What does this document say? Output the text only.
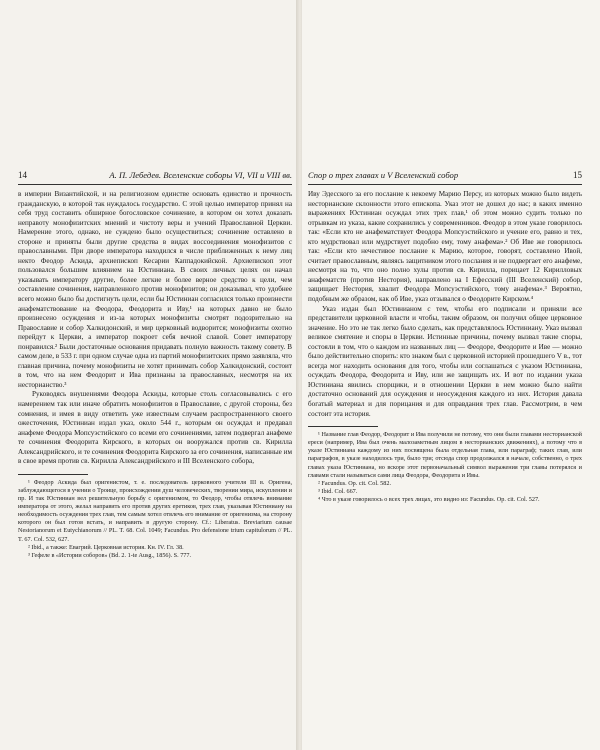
14	А. П. Лебедев. Вселенские соборы VI, VII и VIII вв.

в империи Византийской, и на религиозном единстве основать единство и прочность гражданскую, в которой так нуждалось государство. С этой целью император принял на себя труд составить обширное богословское сочинение, в котором он хотел доказать неправоту монофизитских мнений и чистоту веры и учений Православной Церкви. Намерение этого, однако, не суждено было осуществиться; сочинение оставлено в стороне и приняты были другие средства в видах воссоединения монофизитов с православными. При дворе императора находился в числе приближенных к нему лиц некто Феодор Аскида, архиепископ Кесарии Каппадокийской. Архиепископ этот пользовался большим влиянием на Юстиниана. В своих личных целях он начал указывать императору другие, более легкие и более верное средство к цели, чем составление сочинения, направленного против монофизитов; он доказывал, что удобнее всего можно было бы достигнуть цели, если бы Юстиниан согласился только произнести анафематствование на Феодора, Феодорита и Иву,¹ на которых давно не было произнесено осуждения и из-за которых монофизиты смотрят подозрительно на Православие и собор Халкидонский, и мир церковный водворится; монофизиты охотно перейдут к Церкви, а император покроет себя вечной славой. Совет императору понравился.² Были достаточные основания придавать полную важность такому совету. В самом деле, в 533 г. при одном случае одна из партий монофизитских прямо заявляла, что главная причина, почему монофизиты не хотят принимать собор Халкидонский, состоит в том, что на нем Феодорит и Ива признаны за православных, несмотря на их несторианство.³

Руководясь внушениями Феодора Аскиды, которые столь согласовывались с его намерением так или иначе обратить монофизитов в Православие, с другой стороны, без сомнения, и имея в виду ответить уже известным случаем распространенного своего ожесточения, Юстиниан издал указ, около 544 г., которым он осуждал и предавал анафеме Феодора Мопсуэстийского со всеми его сочинениями, затем подвергал анафеме те сочинения Феодорита Кирского, в которых он вооружался против св. Кирилла Александрийского, и те сочинения Феодорита Кирского за его сочинения, написанные им в свое время против св. Кирилла Александрийского и III Вселенского собора,

¹ Феодор Аскида был оригенистом, т. е. последователь церковного учителя III в. Оригена, заблуждающегося в учении о Троице, происхождении душ человеческих, творении мира, искуплении и пр. И так Юстиниан вел решительную борьбу с оригенизмом, то Феодор, чтобы отвлечь внимание императора от этого, желал направить его против других еретиков, трех глав, указывая Юстиниану на необходимость осуждения трех глав, тем самым хотел отвлечь его внимание от оригенизма, на сторону которого он был готов встать, и направить в другую сторону. Cf.: Liberatus. Breviarium causae Nestorianorum et Eutychianorum // PL. T. 68. Col. 1049; Facundus. Pro defensione trium capitulorum // PL. T. 67. Col. 532, 627.

² Ibid., а также: Евагрий. Церковная история. Кн. IV. Гл. 38.

³ Гефеле в «Истории соборов» (Bd. 2. 1-te Ausg., 1856). S. 777.

Спор о трех главах и V Вселенский собор	15

Иву Эдесского за его послание к некоему Марию Персу, из которых можно было видеть несторианские склонности этого епископа. Указ этот не дошел до нас; в каких именно выражениях Юстиниан осуждал этих трех глав,¹ об этом можно судить только по отрывкам из указа, какие сохранились у современников. Феодор в этом указе говорилось так: «Если кто не анафематствует Феодора Мопсуэстийского и учение его, равно и тех, кто мудрствовал или мудрствует подобно ему, тому анафема».² Об Иве же говорилось так: «Если кто нечестивое послание к Марию, которое, говорят, составлено Ивой, считает православным, являясь защитником этого послания и не подвергает его анафеме, несмотря на то, что оно полно хулы против св. Кирилла, порицает 12 Кирилловых анафематств (против Нестория), направлено на I Ефесский (III Вселенский) собор, защищает Нестория, хвалит Феодора Мопсуэстийского, тому анафема».³ Вероятно, подобным же образом, как об Иве, указ отзывался о Феодорите Кирском.⁴

Указ издан был Юстинианом с тем, чтобы его подписали и приняли все представители церковной власти и чтобы, таким образом, он получил общее церковное значение. Но это не так легко было сделать, как представлялось Юстиниану. Указ вызвал великое смятение и споры в Церкви. Истинные причины, почему вызвал такие споры, состояли в том, что о каждом из названных лиц — Феодоре, Феодорите и Иве — можно было действительно спорить: кто знаком был с церковной историей прошедшего V в., тот всегда мог находить основания для того, чтобы или соглашаться с указом Юстиниана, осуждать Феодора, Феодорита и Иву, или же защищать их. И вот по издании указа Юстиниана явились спорщики, и в отношении Церкви в нем можно было найти достаточно оснований для осуждения и неосуждения каждого из них. История давала богатый материал и для порицания и для оправдания трех глав. Рассмотрим, в чем состоит эта история.

¹ Название глав Феодор, Феодорит и Ива получили не потому, что они были главами несторианской ереси (например, Ива был очень малозаметным лицом в несторианских движениях), а потому что в указе Юстиниана каждому из них посвящена была отдельная глава, или параграф; таких глав, или параграфов, в указе находилось три, было три; отсюда спор продолжался в начале, собственно, о трех главах указа Юстиниана, но вскоре этот первоначальный символ выражения три главы потерялся и главами стали называться сами лица Феодора, Феодорита и Ивы.

² Facundus. Op. cit. Col. 582.

³ Ibid. Col. 667.

⁴ Что в указе говорилось о всех трех лицах, это видно из: Facundus. Op. cit. Col. 527.
